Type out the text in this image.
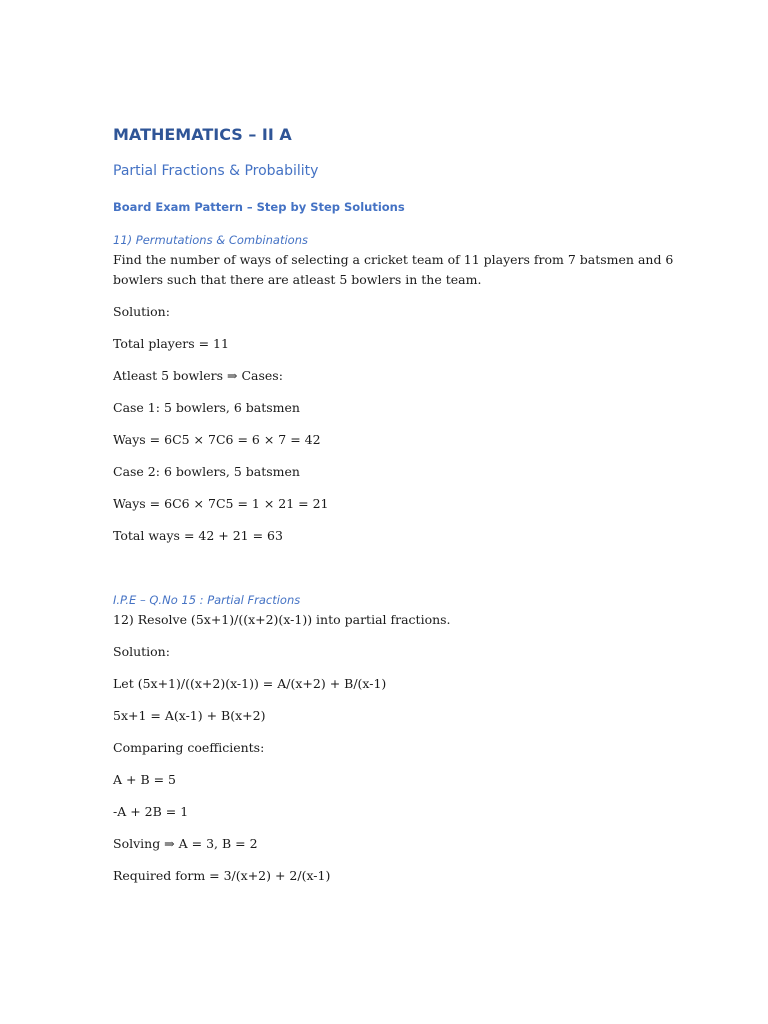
MATHEMATICS – II A
Partial Fractions & Probability
Board Exam Pattern – Step by Step Solutions
11) Permutations & Combinations
Find the number of ways of selecting a cricket team of 11 players from 7 batsmen and 6
bowlers such that there are atleast 5 bowlers in the team.
Solution:
Total players = 11
Atleast 5 bowlers ⇒ Cases:
Case 1: 5 bowlers, 6 batsmen
Ways = 6C5 × 7C6 = 6 × 7 = 42
Case 2: 6 bowlers, 5 batsmen
Ways = 6C6 × 7C5 = 1 × 21 = 21
Total ways = 42 + 21 = 63
I.P.E – Q.No 15 : Partial Fractions
12) Resolve (5x+1)/((x+2)(x-1)) into partial fractions.
Solution:
Let (5x+1)/((x+2)(x-1)) = A/(x+2) + B/(x-1)
5x+1 = A(x-1) + B(x+2)
Comparing coefficients:
A + B = 5
-A + 2B = 1
Solving ⇒ A = 3, B = 2
Required form = 3/(x+2) + 2/(x-1)
